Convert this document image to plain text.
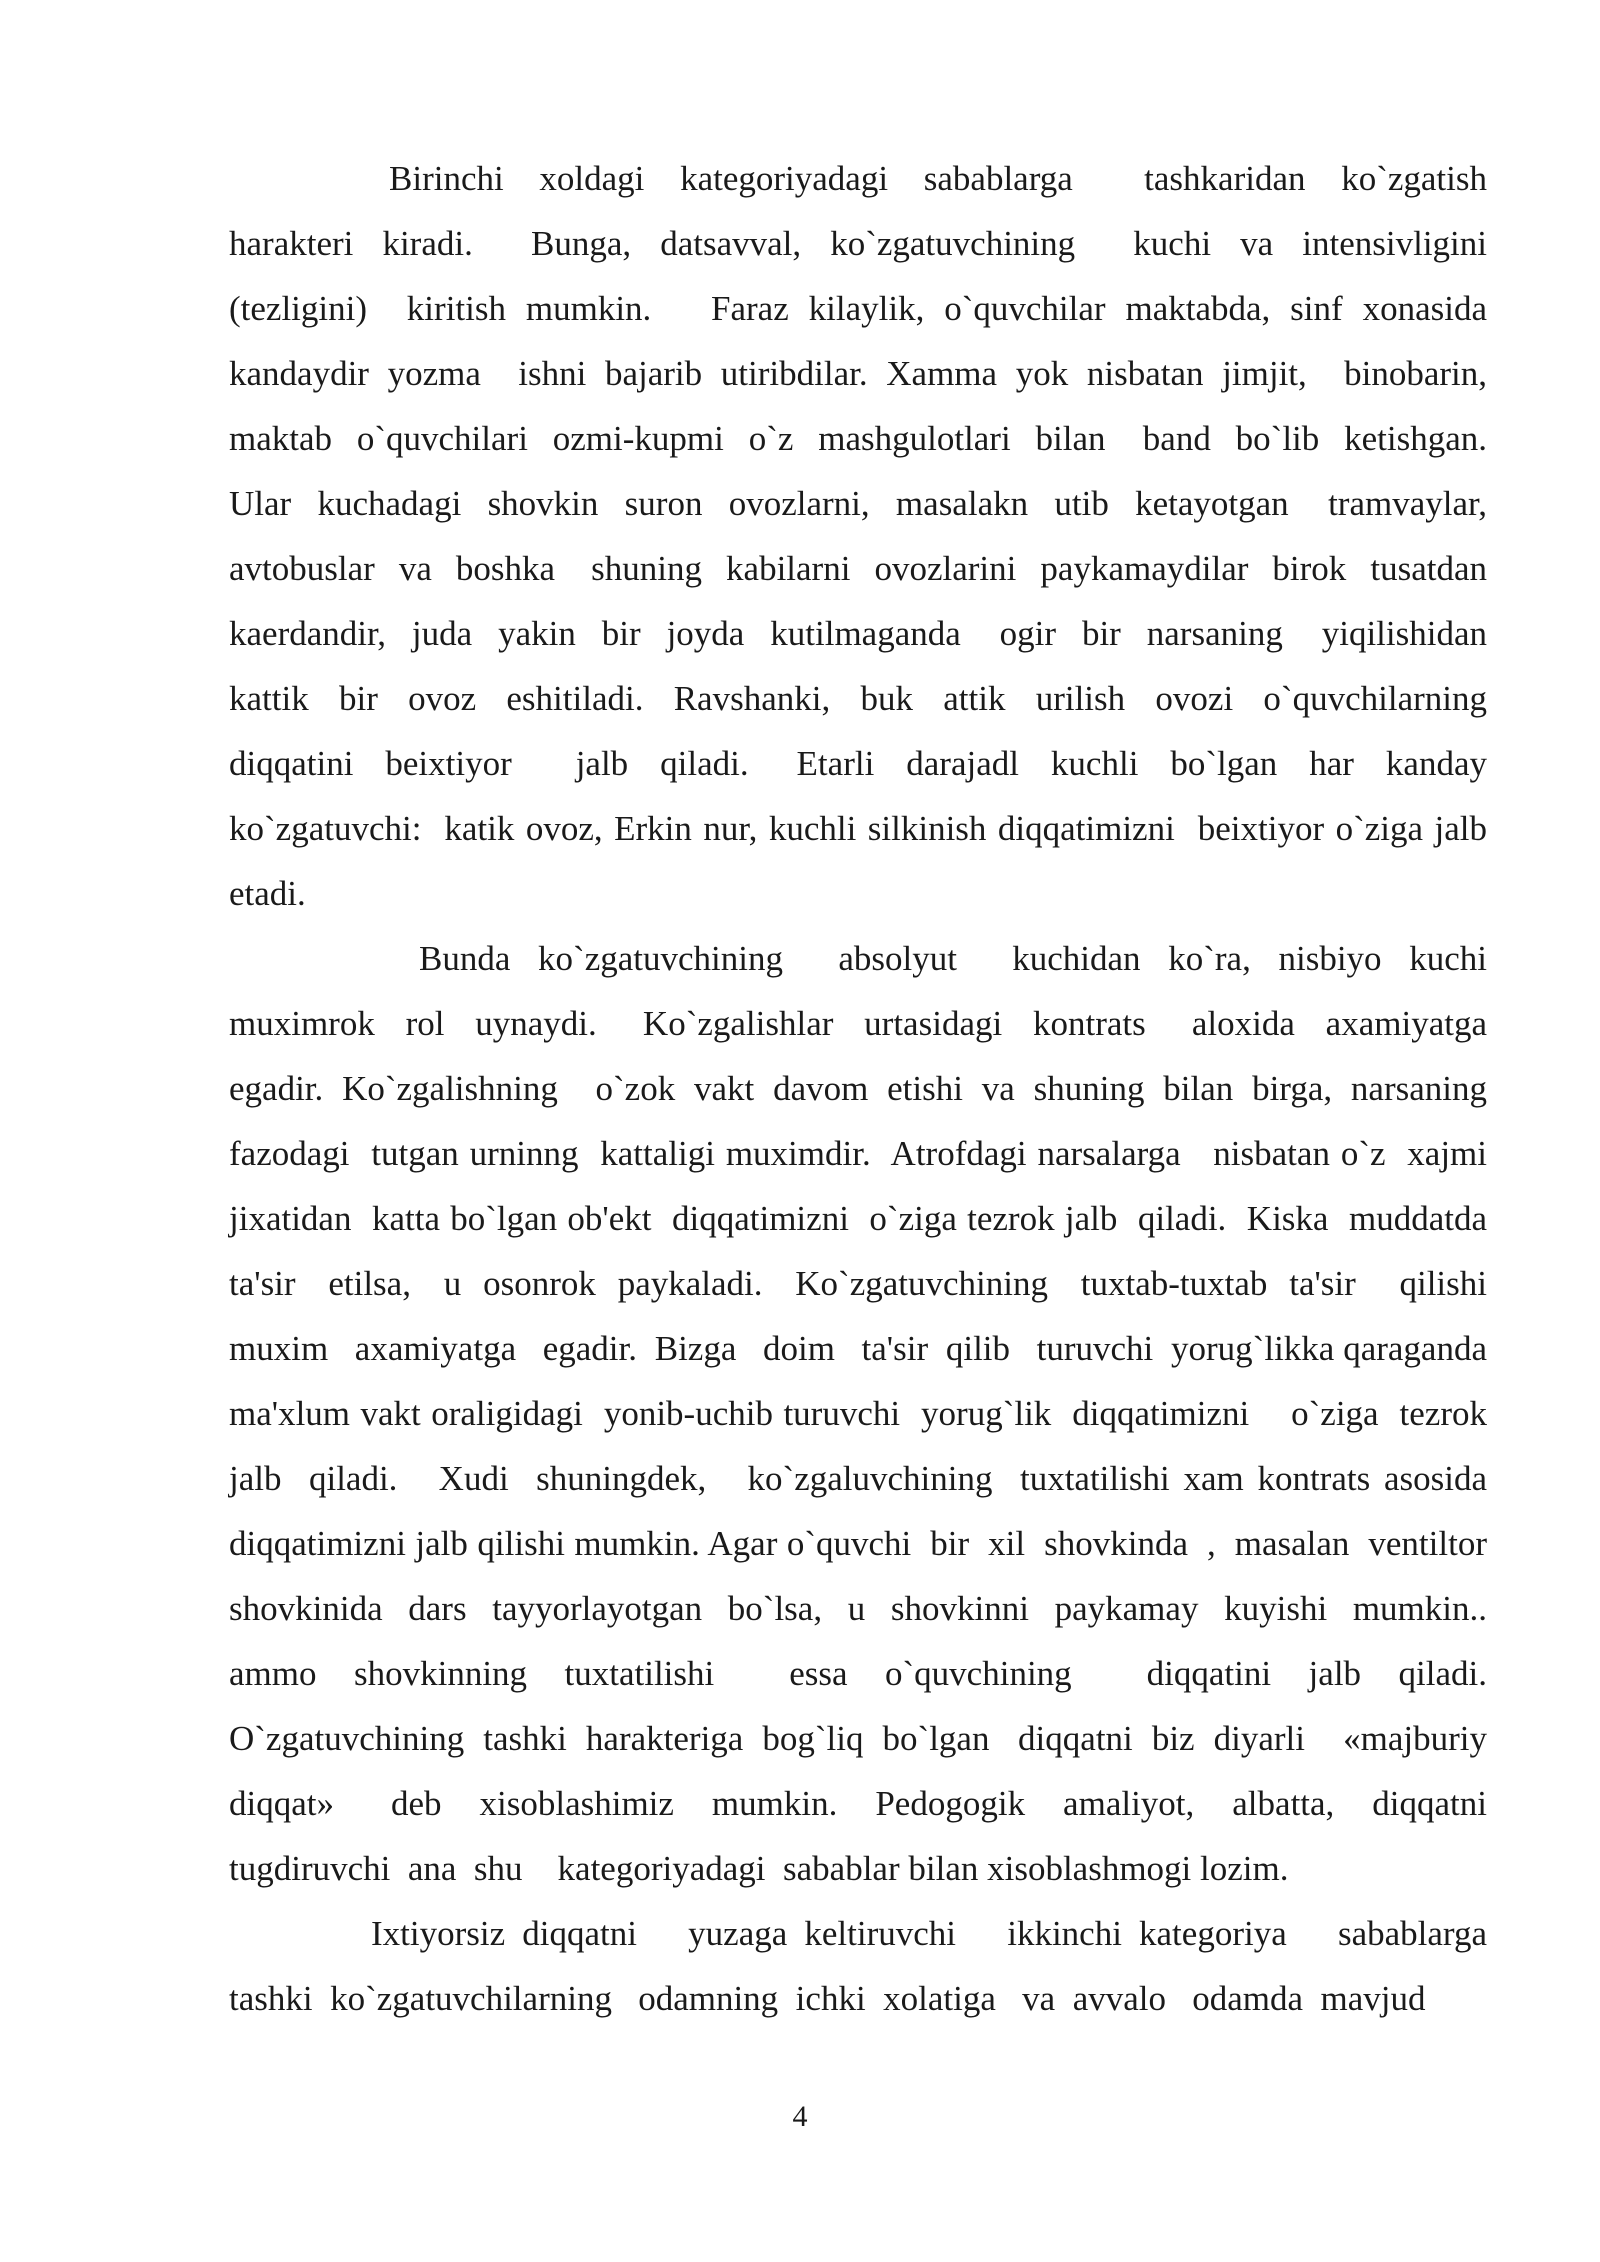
Birinchi  xoldagi  kategoriyadagi  sabablarga    tashkaridan  ko`zgatish  harakteri  kiradi.    Bunga,  datsavval,  ko`zgatuvchining    kuchi  va  intensivligini  (tezligini)  kiritish mumkin.   Faraz kilaylik, o`quvchilar maktabda, sinf xonasida kandaydir yozma  ishni bajarib utiribdilar. Xamma yok nisbatan jimjit,  binobarin,  maktab  o`quvchilari  ozmi-kupmi  o`z  mashgulotlari  bilan   band  bo`lib  ketishgan.  Ular  kuchadagi  shovkin  suron  ovozlarni,  masalakn  utib  ketayotgan   tramvaylar,  avtobuslar  va  boshka   shuning  kabilarni  ovozlarini  paykamaydilar  birok  tusatdan  kaerdandir,  juda  yakin  bir  joyda  kutilmaganda   ogir  bir  narsaning   yiqilishidan  kattik  bir  ovoz  eshitiladi.  Ravshanki,  buk  attik  urilish  ovozi  o`quvchilarning  diqqatini  beixtiyor    jalb  qiladi.   Etarli  darajadl  kuchli  bo`lgan  har  kanday  ko`zgatuvchi:  katik ovoz, Erkin nur, kuchli silkinish diqqatimizni  beixtiyor o`ziga jalb etadi.

Bunda  ko`zgatuvchining    absolyut    kuchidan  ko`ra,  nisbiyo  kuchi  muximrok  rol  uynaydi.   Ko`zgalishlar  urtasidagi  kontrats   aloxida  axamiyatga  egadir. Ko`zgalishning  o`zok vakt davom etishi va shuning bilan birga, narsaning  fazodagi  tutgan urninng  kattaligi muximdir.  Atrofdagi narsalarga   nisbatan o`z  xajmi jixatidan  katta bo`lgan ob'ekt  diqqatimizni  o`ziga tezrok jalb  qiladi.  Kiska  muddatda  ta'sir   etilsa,   u  osonrok  paykaladi.   Ko`zgatuvchining   tuxtab-tuxtab  ta'sir    qilishi   muxim   axamiyatga   egadir.  Bizga   doim   ta'sir  qilib   turuvchi  yorug`likka qaraganda  ma'xlum vakt oraligidagi  yonib-uchib turuvchi  yorug`lik  diqqatimizni    o`ziga  tezrok  jalb  qiladi.   Xudi  shuningdek,   ko`zgaluvchining  tuxtatilishi xam kontrats asosida   diqqatimizni jalb qilishi mumkin. Agar o`quvchi  bir  xil  shovkinda  ,  masalan  ventiltor  shovkinida  dars  tayyorlayotgan  bo`lsa,  u  shovkinni  paykamay  kuyishi  mumkin..  ammo  shovkinning  tuxtatilishi    essa  o`quvchining    diqqatini  jalb  qiladi.   O`zgatuvchining  tashki  harakteriga  bog`liq  bo`lgan   diqqatni  biz  diyarli    «majburiy  diqqat»   deb  xisoblashimiz  mumkin.  Pedogogik  amaliyot,  albatta,  diqqatni    tugdiruvchi  ana  shu    kategoriyadagi  sabablar bilan xisoblashmogi lozim.

Ixtiyorsiz diqqatni   yuzaga keltiruvchi   ikkinchi kategoriya   sabablarga  tashki  ko`zgatuvchilarning   odamning  ichki  xolatiga   va  avvalo   odamda  mavjud

4
